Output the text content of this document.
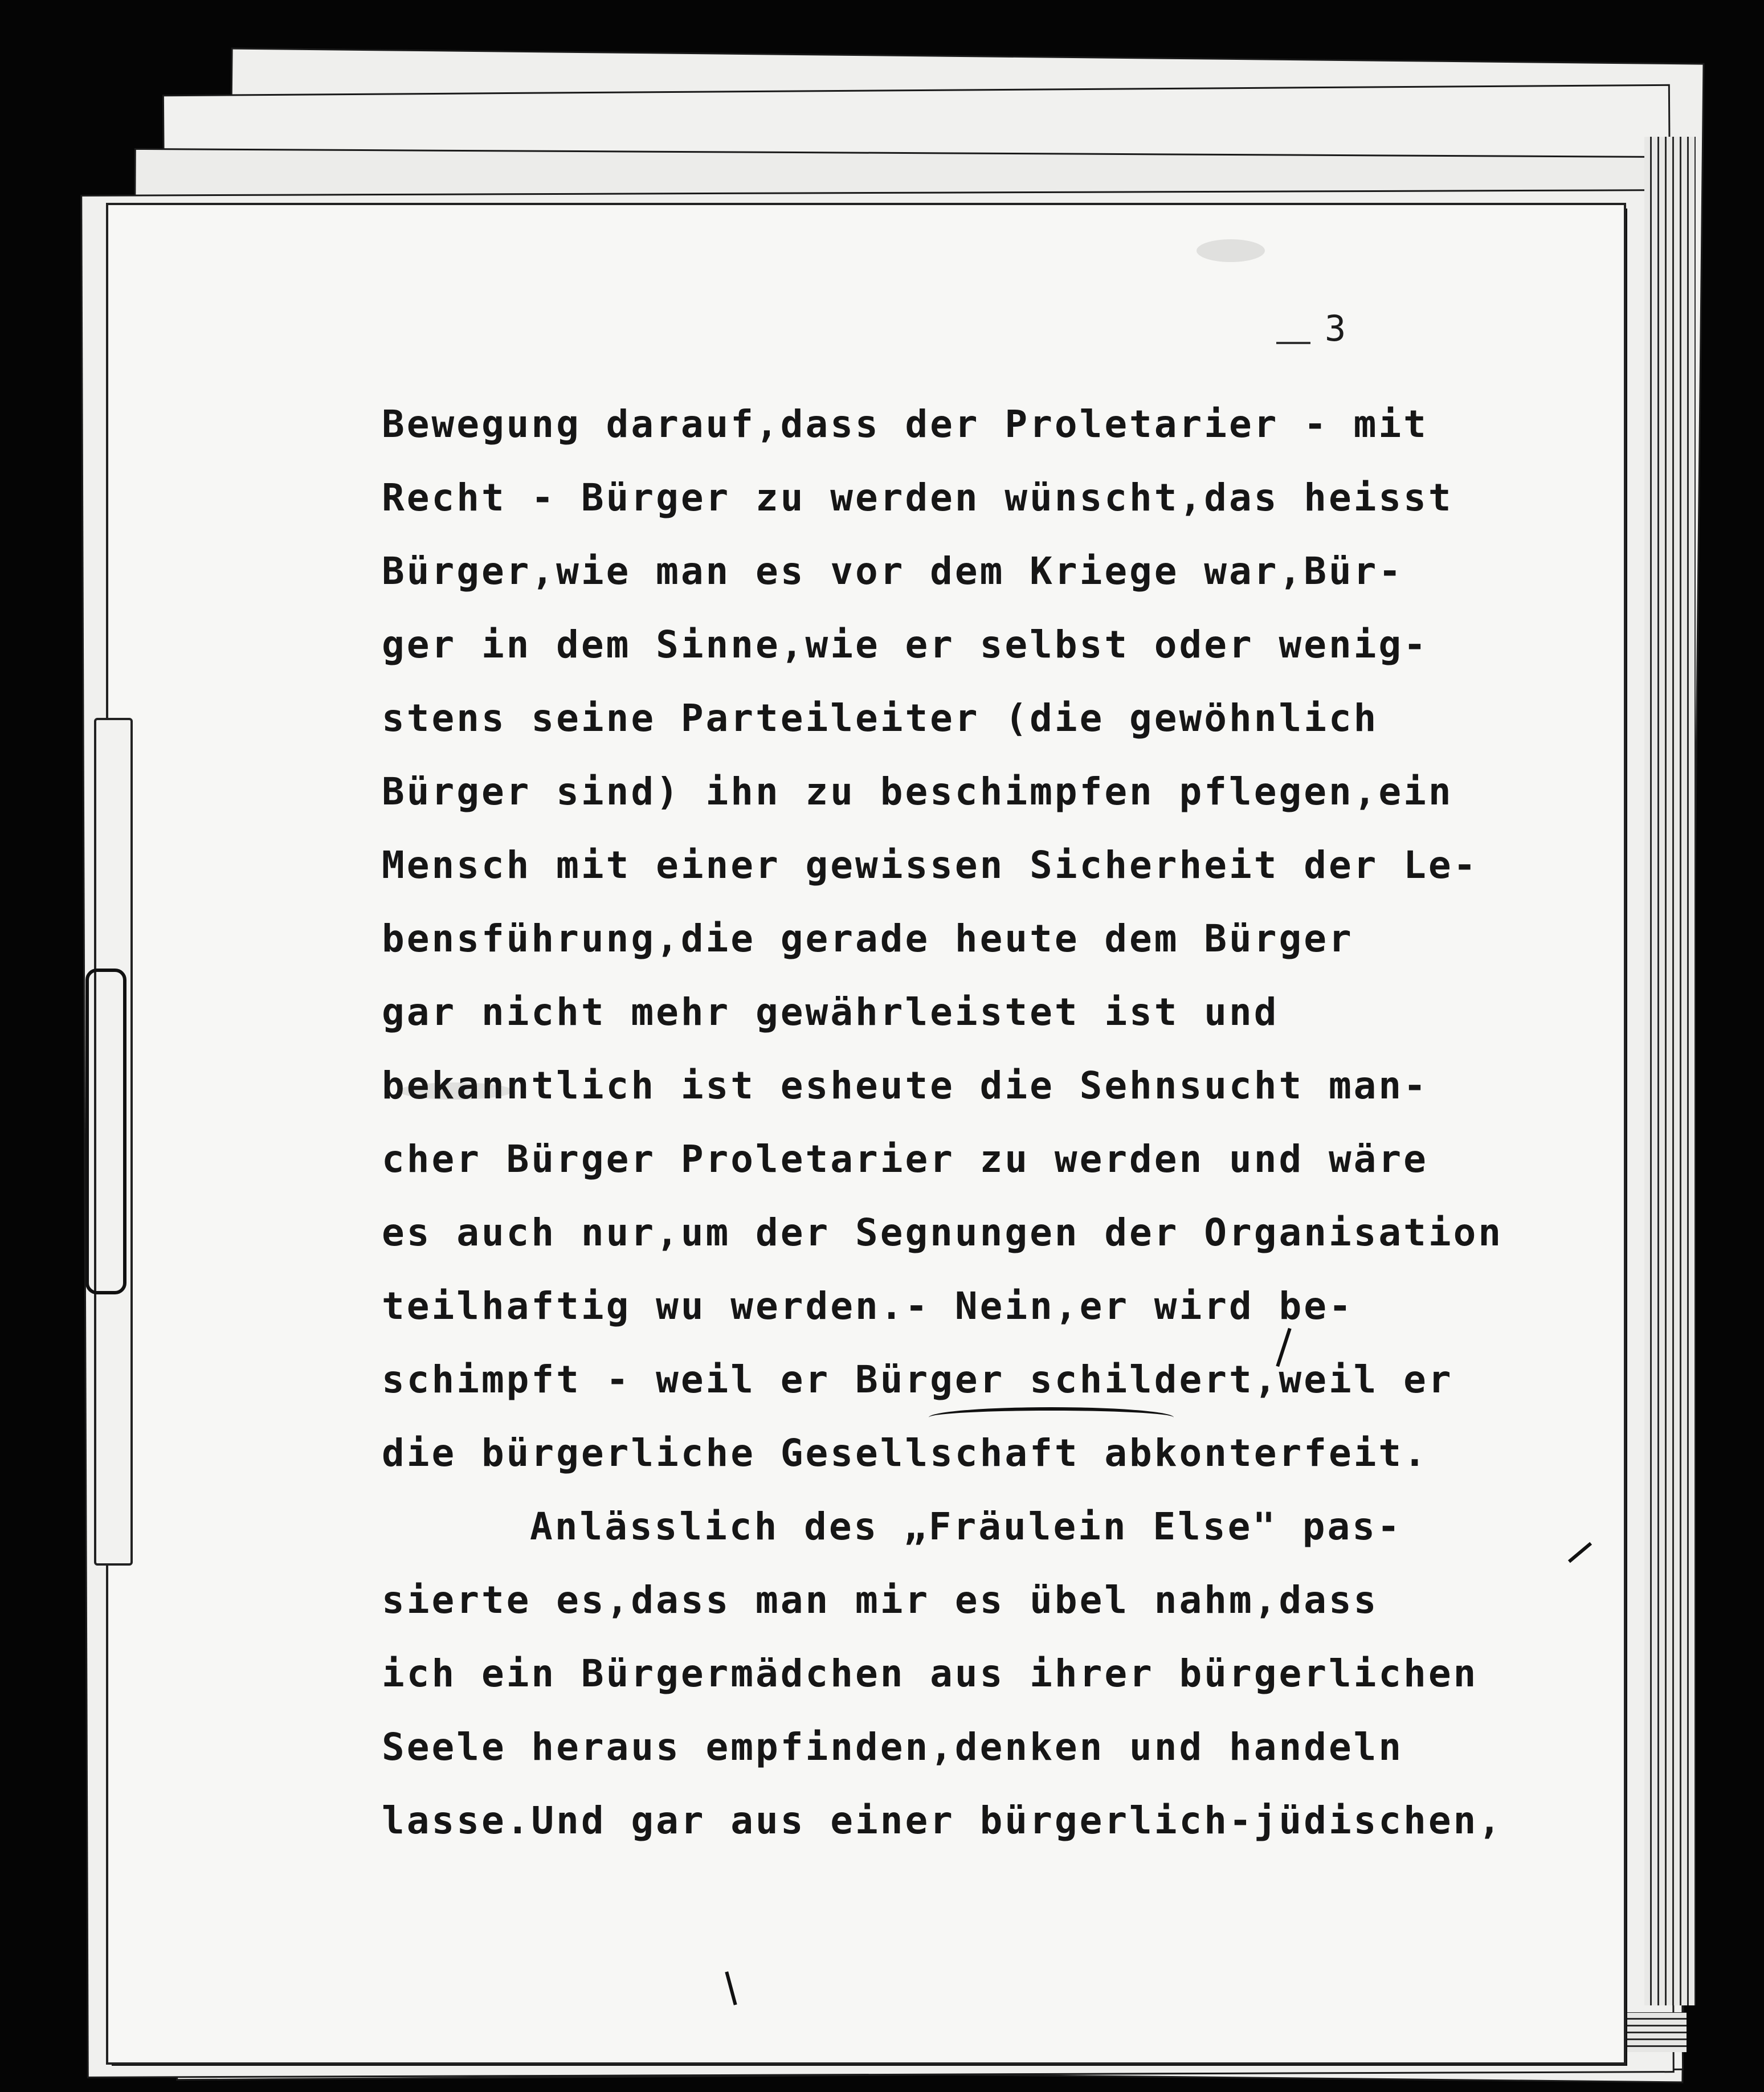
3
Bewegung darauf,dass der Proletarier - mit
Recht - Bürger zu werden wünscht,das heisst
Bürger,wie man es vor dem Kriege war,Bür-
ger in dem Sinne,wie er selbst oder wenig-
stens seine Parteileiter (die gewöhnlich
Bürger sind) ihn zu beschimpfen pflegen,ein
Mensch mit einer gewissen Sicherheit der Le-
bensführung,die gerade heute dem Bürger
gar nicht mehr gewährleistet ist und
bekanntlich ist esheute die Sehnsucht man-
cher Bürger Proletarier zu werden und wäre
es auch nur,um der Segnungen der Organisation
teilhaftig wu werden.- Nein,er wird be-
schimpft - weil er Bürger schildert,weil er
die bürgerliche Gesellschaft abkonterfeit.
Anlässlich des „Fräulein Else" pas-
sierte es,dass man mir es übel nahm,dass
ich ein Bürgermädchen aus ihrer bürgerlichen
Seele heraus empfinden,denken und handeln
lasse.Und gar aus einer bürgerlich-jüdischen,
